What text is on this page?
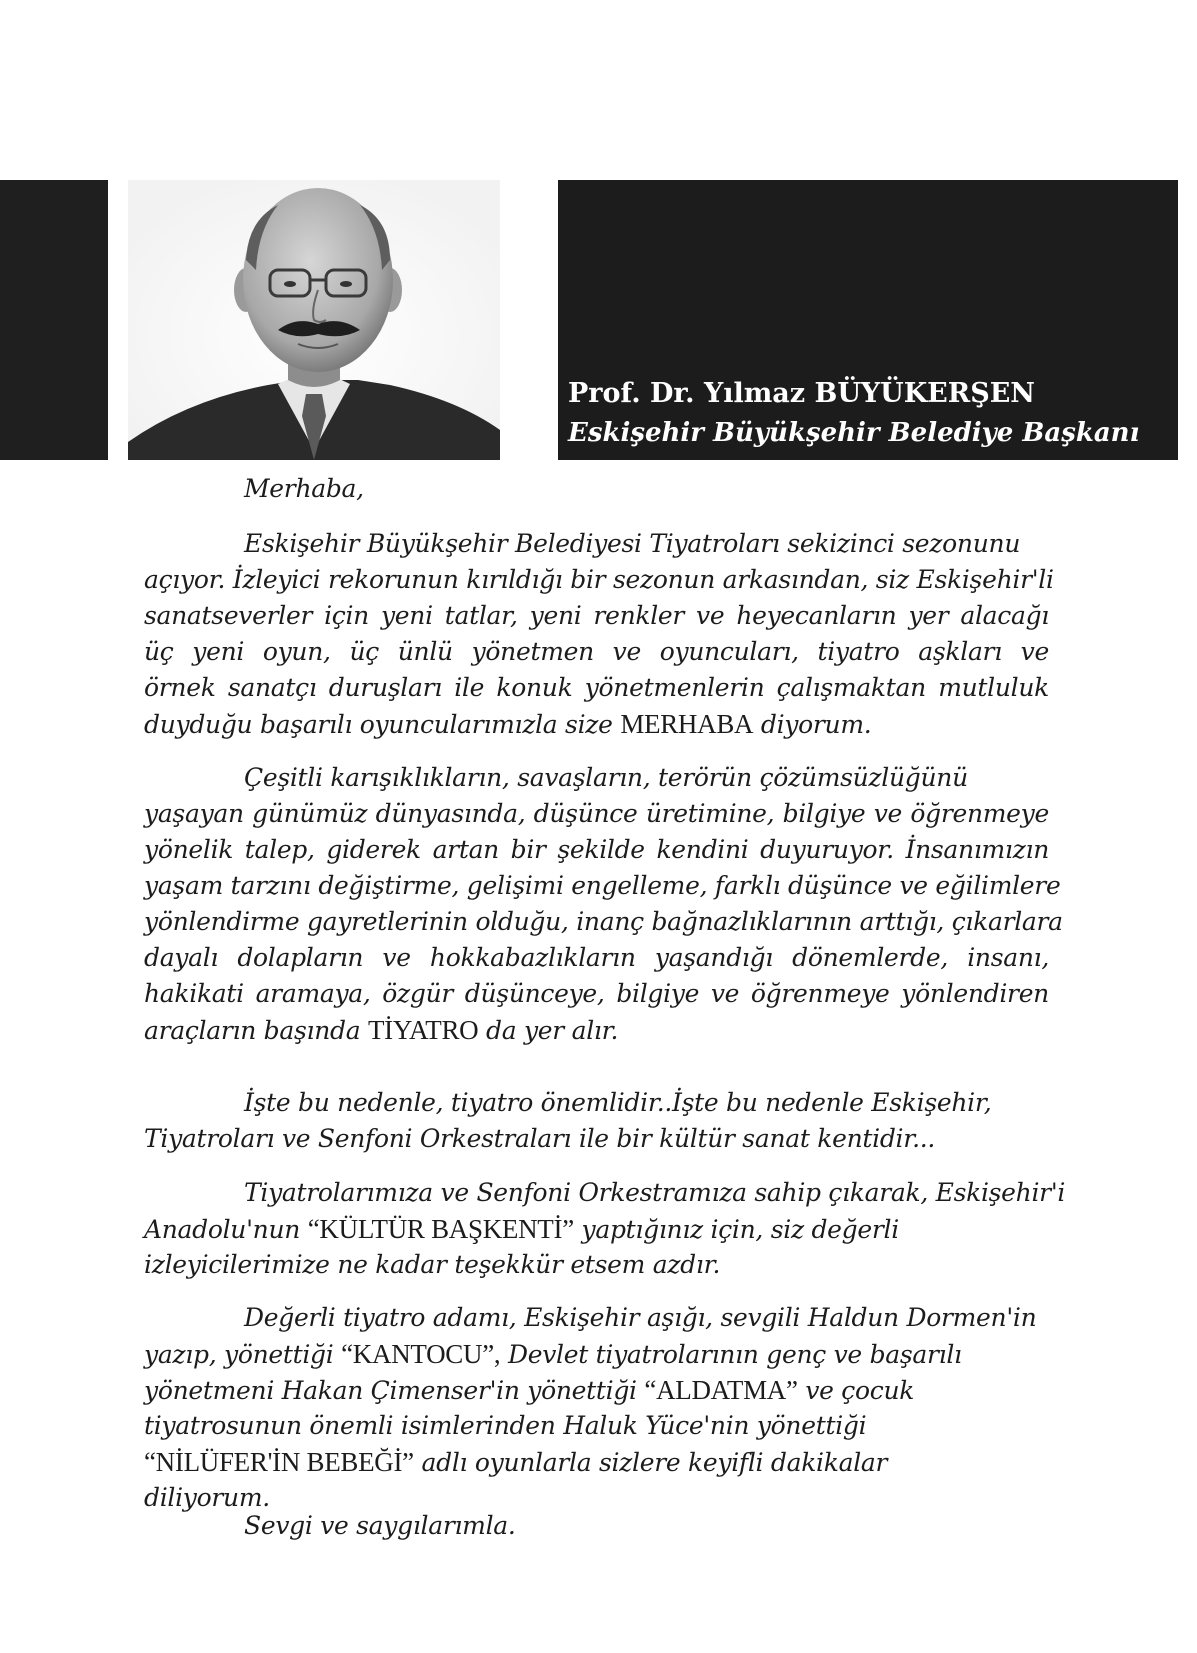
Prof. Dr. Yılmaz BÜYÜKERŞEN
Eskişehir Büyükşehir Belediye Başkanı
Merhaba,
Eskişehir Büyükşehir Belediyesi Tiyatroları sekizinci sezonunu
açıyor. İzleyici rekorunun kırıldığı bir sezonun arkasından, siz Eskişehir'li
sanatseverler için yeni tatlar, yeni renkler ve heyecanların yer alacağı
üç yeni oyun, üç ünlü yönetmen ve oyuncuları, tiyatro aşkları ve
örnek sanatçı duruşları ile konuk yönetmenlerin çalışmaktan mutluluk
duyduğu başarılı oyuncularımızla size MERHABA diyorum.
Çeşitli karışıklıkların, savaşların, terörün çözümsüzlüğünü
yaşayan günümüz dünyasında, düşünce üretimine, bilgiye ve öğrenmeye
yönelik talep, giderek artan bir şekilde kendini duyuruyor. İnsanımızın
yaşam tarzını değiştirme, gelişimi engelleme, farklı düşünce ve eğilimlere
yönlendirme gayretlerinin olduğu, inanç bağnazlıklarının arttığı, çıkarlara
dayalı dolapların ve hokkabazlıkların yaşandığı dönemlerde, insanı,
hakikati aramaya, özgür düşünceye, bilgiye ve öğrenmeye yönlendiren
araçların başında TİYATRO da yer alır.
İşte bu nedenle, tiyatro önemlidir..İşte bu nedenle Eskişehir,
Tiyatroları ve Senfoni Orkestraları ile bir kültür sanat kentidir...
Tiyatrolarımıza ve Senfoni Orkestramıza sahip çıkarak, Eskişehir'i
Anadolu'nun “KÜLTÜR BAŞKENTİ” yaptığınız için, siz değerli
izleyicilerimize ne kadar teşekkür etsem azdır.
Değerli tiyatro adamı, Eskişehir aşığı, sevgili Haldun Dormen'in
yazıp, yönettiği “KANTOCU”, Devlet tiyatrolarının genç ve başarılı
yönetmeni Hakan Çimenser'in yönettiği “ALDATMA” ve çocuk
tiyatrosunun önemli isimlerinden Haluk Yüce'nin yönettiği
“NİLÜFER'İN BEBEĞİ” adlı oyunlarla sizlere keyifli dakikalar
diliyorum.
Sevgi ve saygılarımla.
